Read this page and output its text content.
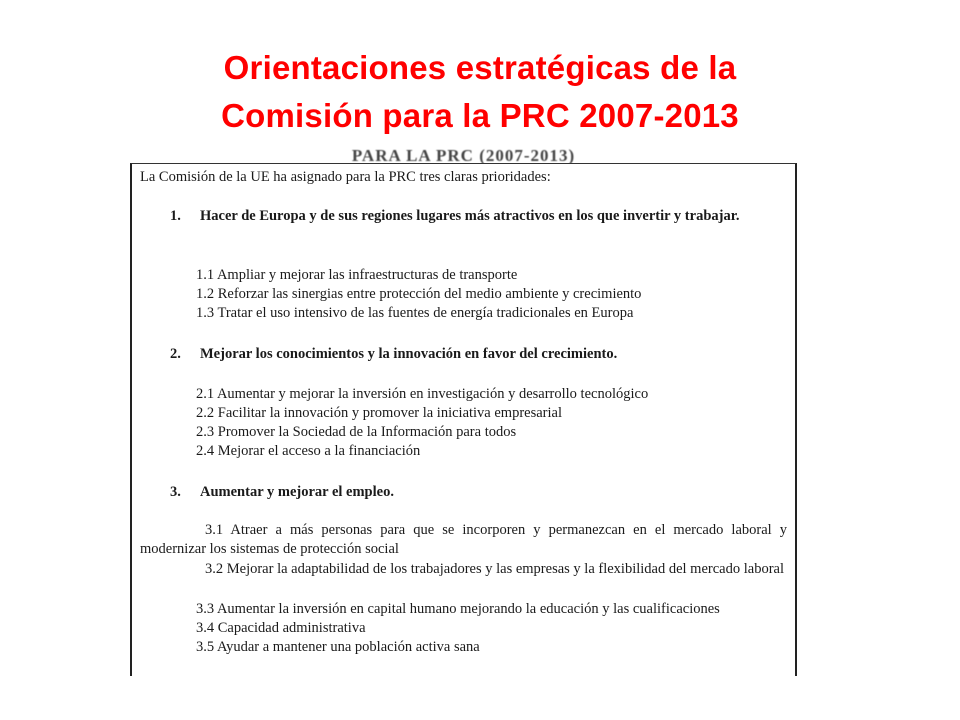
Orientaciones estratégicas de la
Comisión para la PRC 2007-2013
PARA LA PRC (2007-2013)
La Comisión de la UE ha asignado para la PRC tres claras prioridades:
1. Hacer de Europa y de sus regiones lugares más atractivos en los que invertir y trabajar.
1.1 Ampliar y mejorar las infraestructuras de transporte
1.2 Reforzar las sinergias entre protección del medio ambiente y crecimiento
1.3 Tratar el uso intensivo de las fuentes de energía tradicionales en Europa
2. Mejorar los conocimientos y la innovación en favor del crecimiento.
2.1 Aumentar y mejorar la inversión en investigación y desarrollo tecnológico
2.2 Facilitar la innovación y promover la iniciativa empresarial
2.3 Promover la Sociedad de la Información para todos
2.4 Mejorar el acceso a la financiación
3. Aumentar y mejorar el empleo.
3.1 Atraer a más personas para que se incorporen y permanezcan en el mercado laboral y modernizar los sistemas de protección social
3.2 Mejorar la adaptabilidad de los trabajadores y las empresas y la flexibilidad del mercado laboral
3.3 Aumentar la inversión en capital humano mejorando la educación y las cualificaciones
3.4 Capacidad administrativa
3.5 Ayudar a mantener una población activa sana
